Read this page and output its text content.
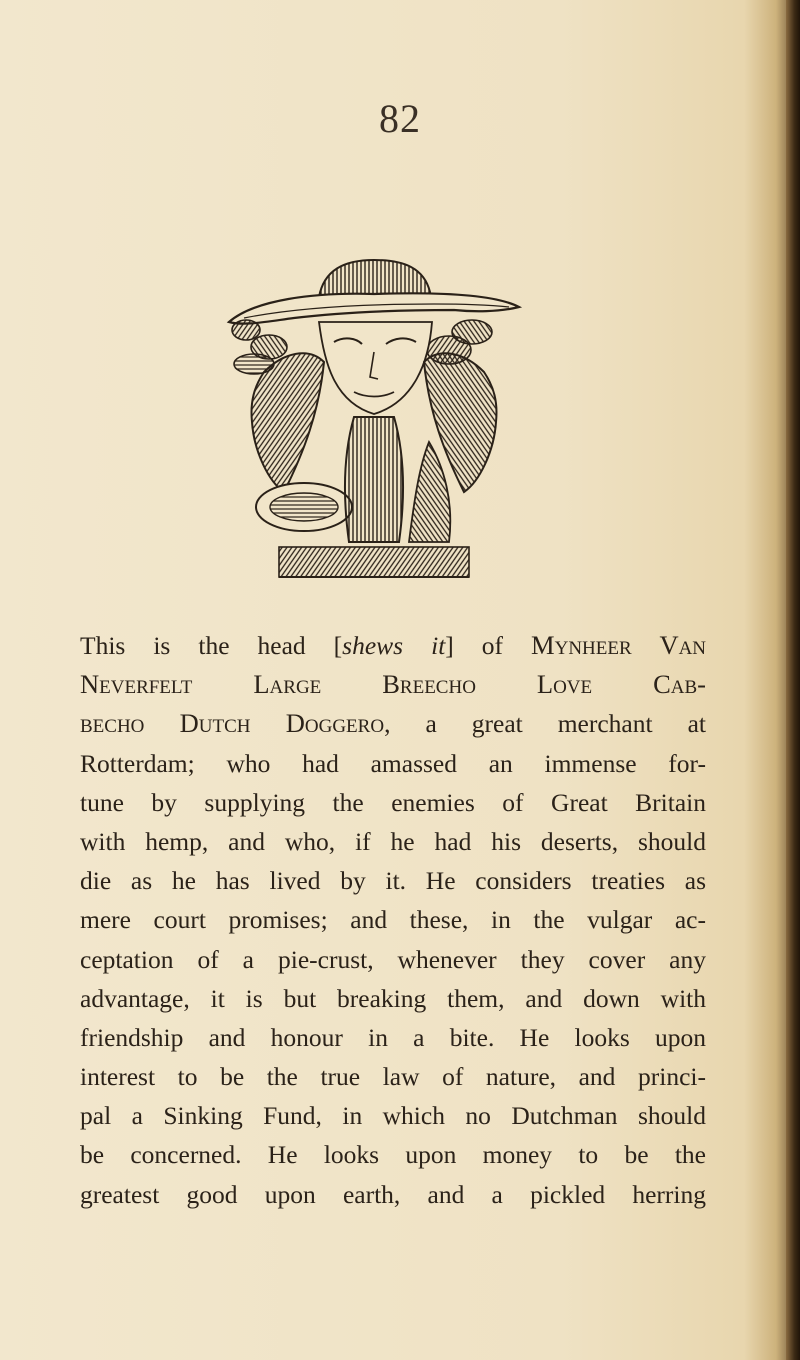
82
This is the head [shews it] of Mynheer Van
Neverfelt Large Breecho Love Cab-
becho Dutch Doggero, a great merchant at
Rotterdam; who had amassed an immense for-
tune by supplying the enemies of Great Britain
with hemp, and who, if he had his deserts, should
die as he has lived by it. He considers treaties as
mere court promises; and these, in the vulgar ac-
ceptation of a pie-crust, whenever they cover any
advantage, it is but breaking them, and down with
friendship and honour in a bite. He looks upon
interest to be the true law of nature, and princi-
pal a Sinking Fund, in which no Dutchman should
be concerned. He looks upon money to be the
greatest good upon earth, and a pickled herring
